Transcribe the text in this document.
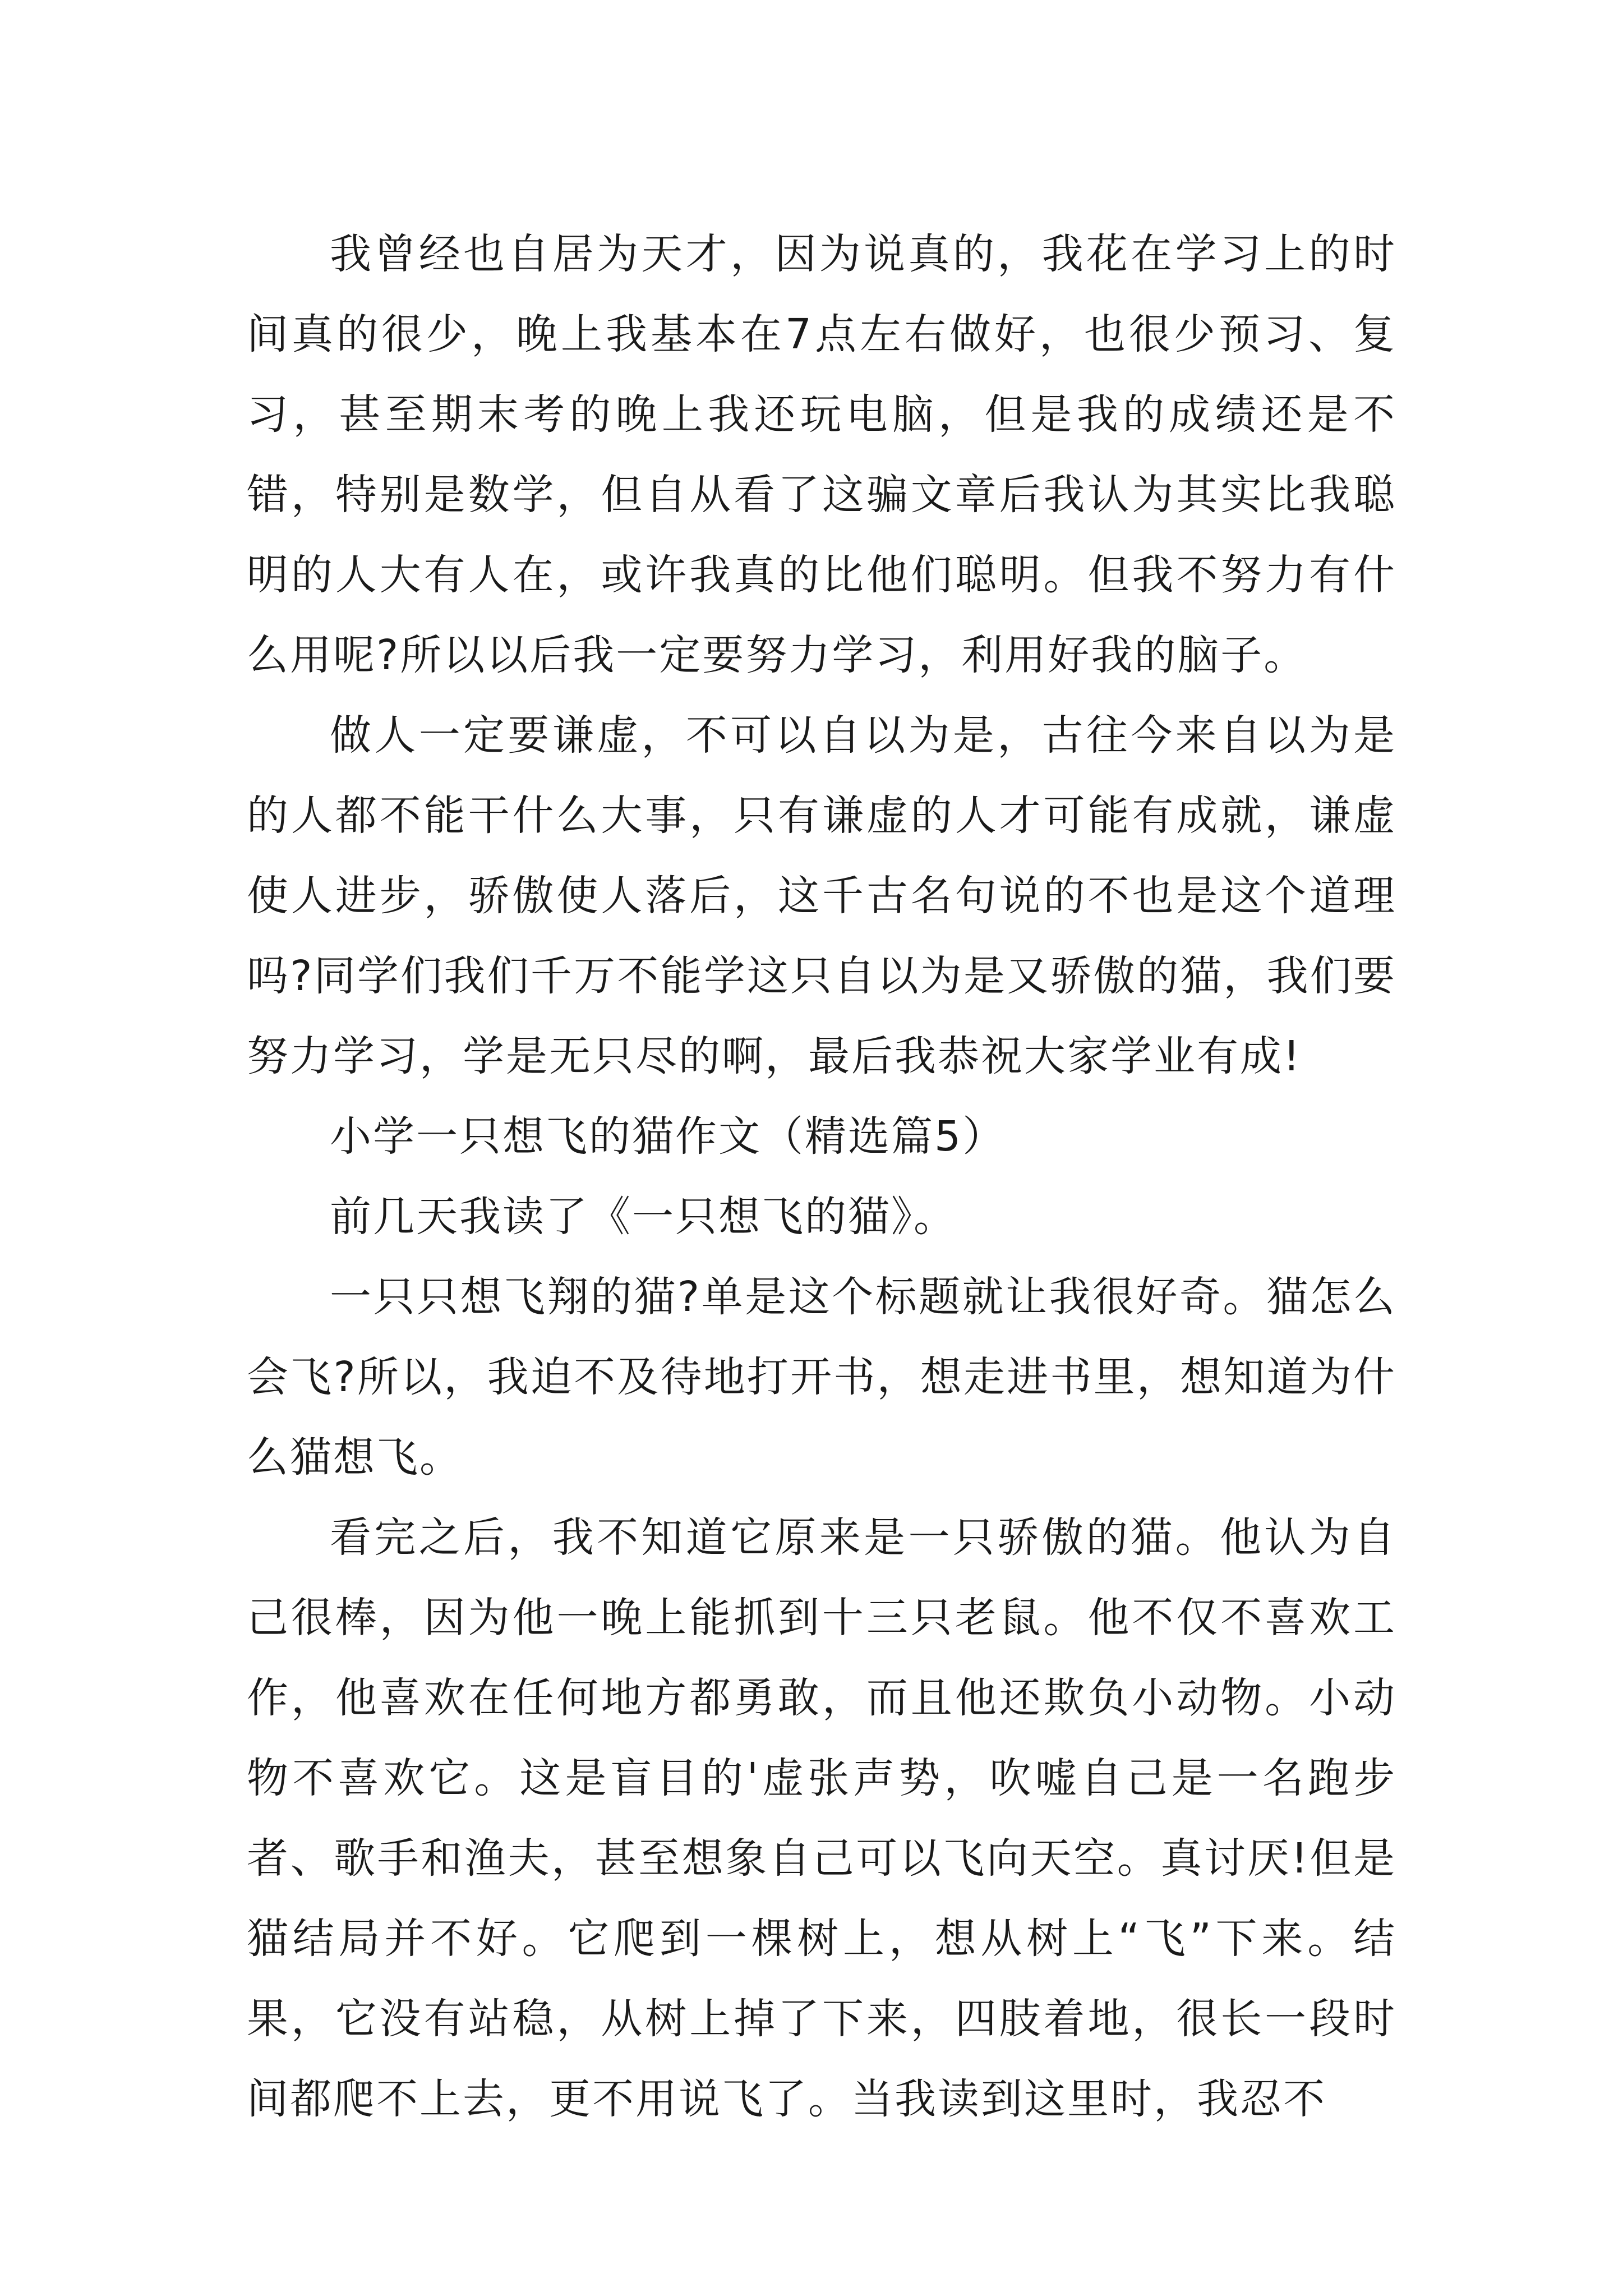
我曾经也自居为天才，因为说真的，我花在学习上的时间真的很少，晚上我基本在7点左右做好，也很少预习、复习，甚至期末考的晚上我还玩电脑，但是我的成绩还是不错，特别是数学，但自从看了这骗文章后我认为其实比我聪明的人大有人在，或许我真的比他们聪明。但我不努力有什么用呢?所以以后我一定要努力学习，利用好我的脑子。

做人一定要谦虚，不可以自以为是，古往今来自以为是的人都不能干什么大事，只有谦虚的人才可能有成就，谦虚使人进步，骄傲使人落后，这千古名句说的不也是这个道理吗?同学们我们千万不能学这只自以为是又骄傲的猫，我们要努力学习，学是无只尽的啊，最后我恭祝大家学业有成!

小学一只想飞的猫作文（精选篇5）

前几天我读了《一只想飞的猫》。

一只只想飞翔的猫?单是这个标题就让我很好奇。猫怎么会飞?所以，我迫不及待地打开书，想走进书里，想知道为什么猫想飞。

看完之后，我不知道它原来是一只骄傲的猫。他认为自己很棒，因为他一晚上能抓到十三只老鼠。他不仅不喜欢工作，他喜欢在任何地方都勇敢，而且他还欺负小动物。小动物不喜欢它。这是盲目的'虚张声势，吹嘘自己是一名跑步者、歌手和渔夫，甚至想象自己可以飞向天空。真讨厌!但是猫结局并不好。它爬到一棵树上，想从树上“飞”下来。结果，它没有站稳，从树上掉了下来，四肢着地，很长一段时间都爬不上去，更不用说飞了。当我读到这里时，我忍不
